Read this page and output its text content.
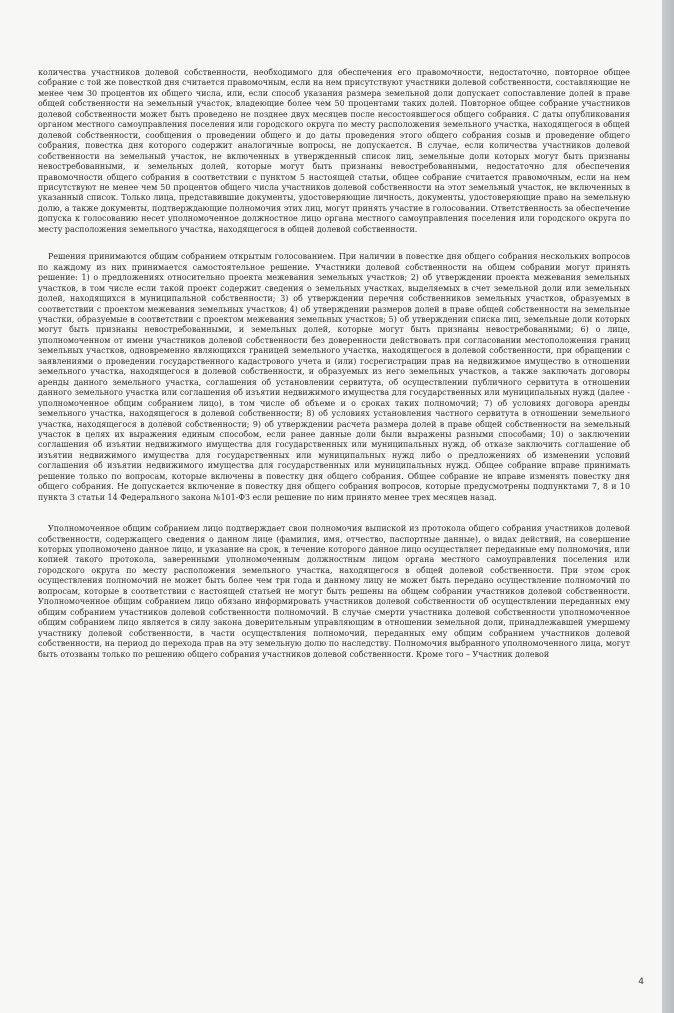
количества участников долевой собственности, необходимого для обеспечения его правомочности, недостаточно, повторное общее собрание с той же повесткой дня считается правомочным, если на нем присутствуют участники долевой собственности, составляющие не менее чем 30 процентов их общего числа, или, если способ указания размера земельной доли допускает сопоставление долей в праве общей собственности на земельный участок, владеющие более чем 50 процентами таких долей. Повторное общее собрание участников долевой собственности может быть проведено не позднее двух месяцев после несостоявшегося общего собрания. С даты опубликования органом местного самоуправления поселения или городского округа по месту расположения земельного участка, находящегося в общей долевой собственности, сообщения о проведении общего и до даты проведения этого общего собрания созыв и проведение общего собрания, повестка дня которого содержит аналогичные вопросы, не допускается. В случае, если количества участников долевой собственности на земельный участок, не включенных в утвержденный список лиц, земельные доли которых могут быть признаны невостребованными, и земельных долей, которые могут быть признаны невостребованными, недостаточно для обеспечения правомочности общего собрания в соответствии с пунктом 5 настоящей статьи, общее собрание считается правомочным, если на нем присутствуют не менее чем 50 процентов общего числа участников долевой собственности на этот земельный участок, не включенных в указанный список. Только лица, представившие документы, удостоверяющие личность, документы, удостоверяющие право на земельную долю, а также документы, подтверждающие полномочия этих лиц, могут принять участие в голосовании. Ответственность за обеспечение допуска к голосованию несет уполномоченное должностное лицо органа местного самоуправления поселения или городского округа по месту расположения земельного участка, находящегося в общей долевой собственности.

Решения принимаются общим собранием открытым голосованием. При наличии в повестке дня общего собрания нескольких вопросов по каждому из них принимается самостоятельное решение. Участники долевой собственности на общем собрании могут принять решение: 1) о предложениях относительно проекта межевания земельных участков; 2) об утверждении проекта межевания земельных участков, в том числе если такой проект содержит сведения о земельных участках, выделяемых в счет земельной доли или земельных долей, находящихся в муниципальной собственности; 3) об утверждении перечня собственников земельных участков, образуемых в соответствии с проектом межевания земельных участков; 4) об утверждении размеров долей в праве общей собственности на земельные участки, образуемые в соответствии с проектом межевания земельных участков; 5) об утверждении списка лиц, земельные доли которых могут быть признаны невостребованными, и земельных долей, которые могут быть признаны невостребованными; 6) о лице, уполномоченном от имени участников долевой собственности без доверенности действовать при согласовании местоположения границ земельных участков, одновременно являющихся границей земельного участка, находящегося в долевой собственности, при обращении с заявлениями о проведении государственного кадастрового учета и (или) госрегистрации прав на недвижимое имущество в отношении земельного участка, находящегося в долевой собственности, и образуемых из него земельных участков, а также заключать договоры аренды данного земельного участка, соглашения об установлении сервитута, об осуществлении публичного сервитута в отношении данного земельного участка или соглашения об изъятии недвижимого имущества для государственных или муниципальных нужд (далее - уполномоченное общим собранием лицо), в том числе об объеме и о сроках таких полномочий; 7) об условиях договора аренды земельного участка, находящегося в долевой собственности; 8) об условиях установления частного сервитута в отношении земельного участка, находящегося в долевой собственности; 9) об утверждении расчета размера долей в праве общей собственности на земельный участок в целях их выражения единым способом, если ранее данные доли были выражены разными способами; 10) о заключении соглашения об изъятии недвижимого имущества для государственных или муниципальных нужд, об отказе заключить соглашение об изъятии недвижимого имущества для государственных или муниципальных нужд либо о предложениях об изменении условий соглашения об изъятии недвижимого имущества для государственных или муниципальных нужд. Общее собрание вправе принимать решение только по вопросам, которые включены в повестку дня общего собрания. Общее собрание не вправе изменять повестку дня общего собрания. Не допускается включение в повестку дня общего собрания вопросов, которые предусмотрены подпунктами 7, 8 и 10 пункта 3 статьи 14 Федерального закона №101-ФЗ если решение по ним принято менее трех месяцев назад.

Уполномоченное общим собранием лицо подтверждает свои полномочия выпиской из протокола общего собрания участников долевой собственности, содержащего сведения о данном лице (фамилия, имя, отчество, паспортные данные), о видах действий, на совершение которых уполномочено данное лицо, и указание на срок, в течение которого данное лицо осуществляет переданные ему полномочия, или копией такого протокола, заверенными уполномоченным должностным лицом органа местного самоуправления поселения или городского округа по месту расположения земельного участка, находящегося в общей долевой собственности. При этом срок осуществления полномочий не может быть более чем три года и данному лицу не может быть передано осуществление полномочий по вопросам, которые в соответствии с настоящей статьей не могут быть решены на общем собрании участников долевой собственности. Уполномоченное общим собранием лицо обязано информировать участников долевой собственности об осуществлении переданных ему общим собранием участников долевой собственности полномочий. В случае смерти участника долевой собственности уполномоченное общим собранием лицо является в силу закона доверительным управляющим в отношении земельной доли, принадлежавшей умершему участнику долевой собственности, в части осуществления полномочий, переданных ему общим собранием участников долевой собственности, на период до перехода прав на эту земельную долю по наследству. Полномочия выбранного уполномоченного лица, могут быть отозваны только по решению общего собрания участников долевой собственности. Кроме того – Участник долевой

4
